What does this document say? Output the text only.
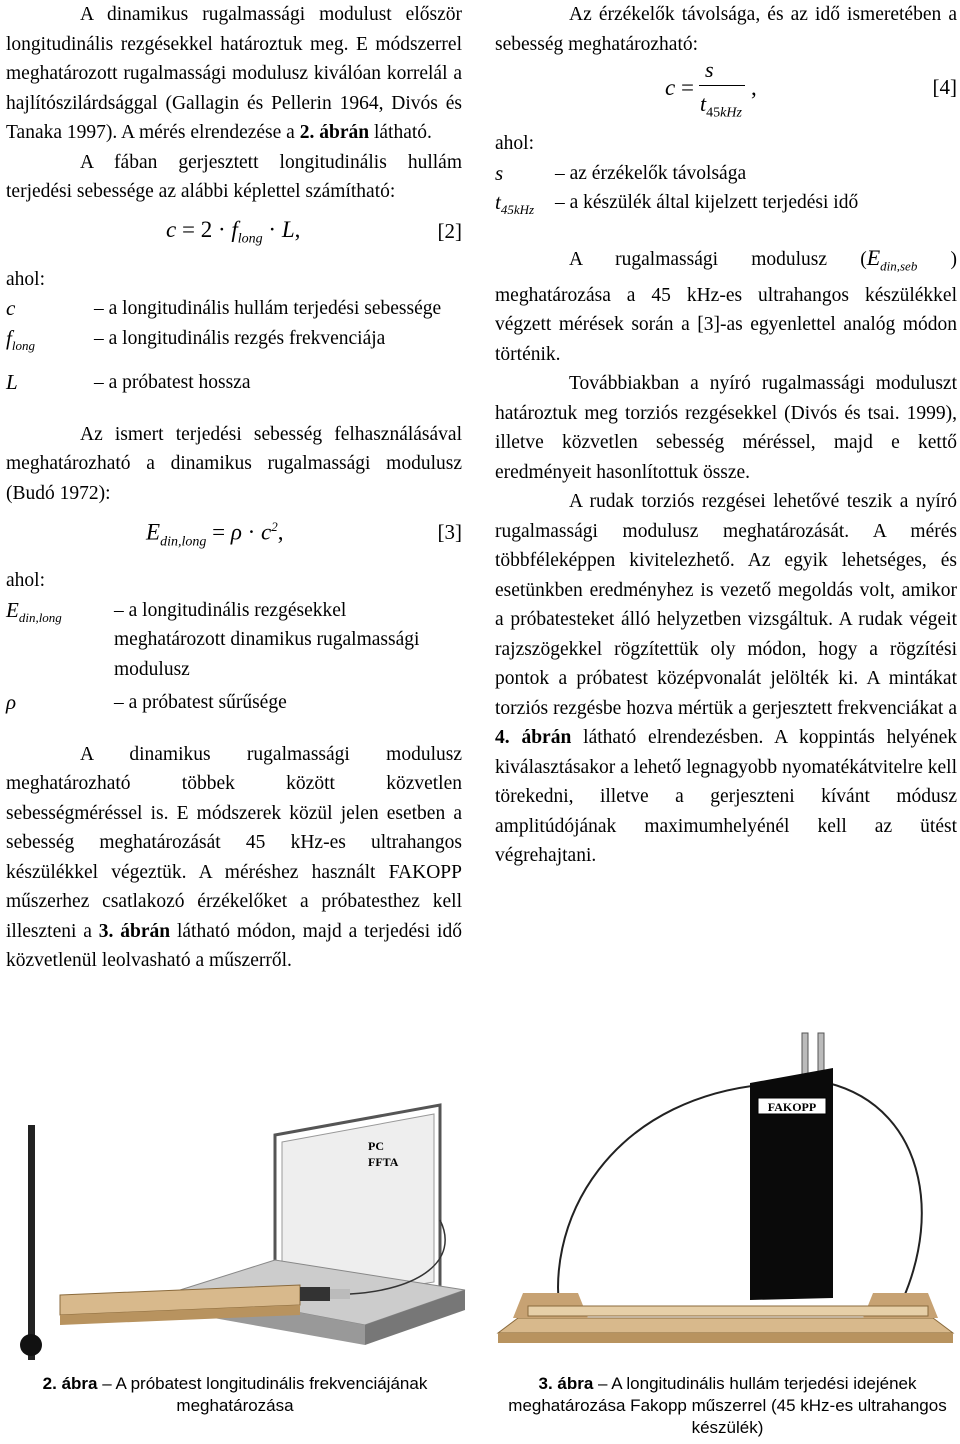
A dinamikus rugalmassági modulust először longitudinális rezgésekkel határoztuk meg. E módszerrel meghatározott rugalmassági modulusz kiválóan korrelál a hajlítószilárdsággal (Gallagin és Pellerin 1964, Divós és Tanaka 1997). A mérés elrendezése a 2. ábrán látható.

A fában gerjesztett longitudinális hullám terjedési sebessége az alábbi képlettel számítható:

$c = 2 \cdot f_{long} \cdot L$,	[2]

ahol:

c	– a longitudinális hullám terjedési sebessége
$f_{long}$	– a longitudinális rezgés frekvenciája
L	– a próbatest hossza

Az ismert terjedési sebesség felhasználásával meghatározható a dinamikus rugalmassági modulusz (Budó 1972):

$E_{din,long} = \rho \cdot c^2$,	[3]

ahol:

$E_{din,long}$	– a longitudinális rezgésekkel meghatározott dinamikus rugalmassági modulusz
ρ	– a próbatest sűrűsége

A dinamikus rugalmassági modulusz meghatározható többek között közvetlen sebességméréssel is. E módszerek közül jelen esetben a sebesség meghatározását 45 kHz-es ultrahangos készülékkel végeztük. A méréshez használt FAKOPP műszerhez csatlakozó érzékelőket a próbatesthez kell illeszteni a 3. ábrán látható módon, majd a terjedési idő közvetlenül leolvasható a műszerről.

Az érzékelők távolsága, és az idő ismeretében a sebesség meghatározható:

c =
s
$t_{45kHz}$
,	[4]

ahol:

s	– az érzékelők távolsága
$t_{45kHz}$	– a készülék által kijelzett terjedési idő

A rugalmassági modulusz ($E_{din,seb}$ ) meghatározása a 45 kHz-es ultrahangos készülékkel végzett mérések során a [3]-as egyenlettel analóg módon történik.

Továbbiakban a nyíró rugalmassági moduluszt határoztuk meg torziós rezgésekkel (Divós és tsai. 1999), illetve közvetlen sebesség méréssel, majd e kettő eredményeit hasonlítottuk össze.

A rudak torziós rezgései lehetővé teszik a nyíró rugalmassági modulusz meghatározását. A mérés többféleképpen kivitelezhető. Az egyik lehetséges, és esetünkben eredményhez is vezető megoldás volt, amikor a próbatesteket álló helyzetben vizsgáltuk. A rudak végeit rajzszögekkel rögzítettük oly módon, hogy a rögzítési pontok a próbatest középvonalát jelölték ki. A mintákat torziós rezgésbe hozva mértük a gerjesztett frekvenciákat a 4. ábrán látható elrendezésben. A koppintás helyének kiválasztásakor a lehető legnagyobb nyomatékátvitelre kell törekedni, illetve a gerjeszteni kívánt módusz amplitúdójának maximumhelyénél kell az ütést végrehajtani.

PC
FFTA
2. ábra – A próbatest longitudinális frekvenciájának meghatározása
FAKOPP
3. ábra – A longitudinális hullám terjedési idejének meghatározása Fakopp műszerrel (45 kHz-es ultrahangos készülék)
